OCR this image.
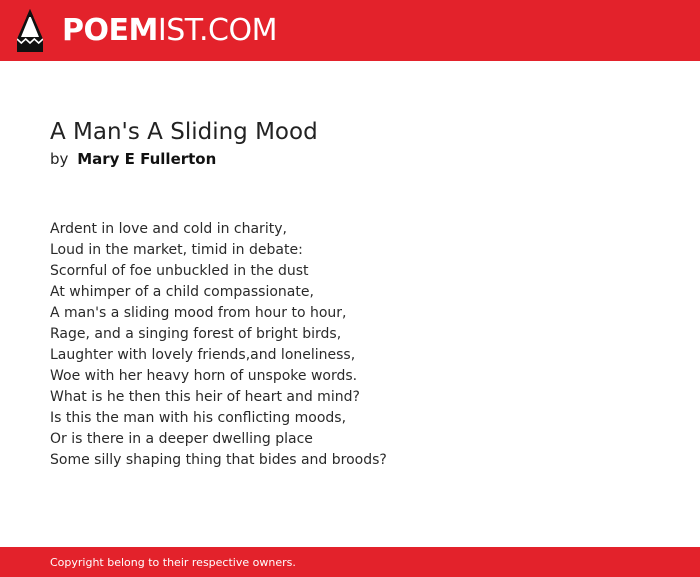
POEMIST.COM
A Man's A Sliding Mood
by Mary E Fullerton
Ardent in love and cold in charity,
Loud in the market, timid in debate:
Scornful of foe unbuckled in the dust
At whimper of a child compassionate,
A man's a sliding mood from hour to hour,
Rage, and a singing forest of bright birds,
Laughter with lovely friends,and loneliness,
Woe with her heavy horn of unspoke words.
What is he then this heir of heart and mind?
Is this the man with his conflicting moods,
Or is there in a deeper dwelling place
Some silly shaping thing that bides and broods?
Copyright belong to their respective owners.
